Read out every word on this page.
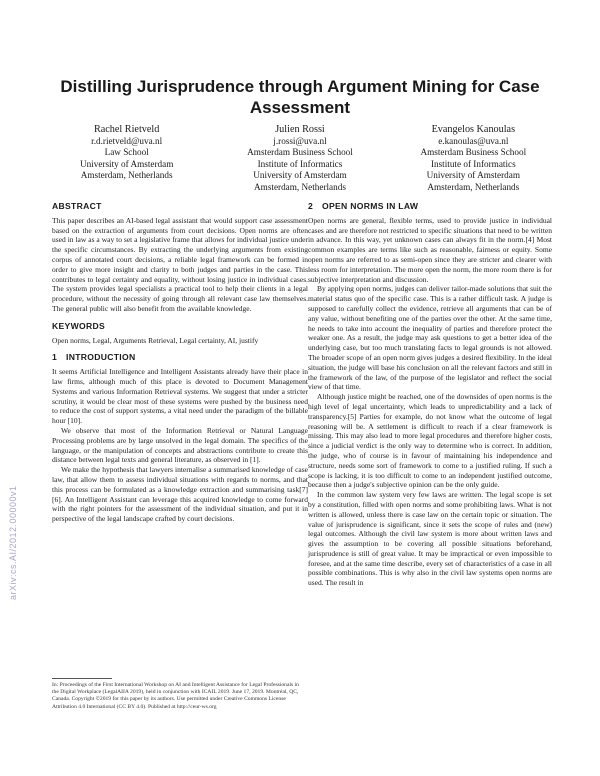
arXiv:cs.AI/2012.00000v1
Distilling Jurisprudence through Argument Mining for Case Assessment
Rachel Rietveld
r.d.rietveld@uva.nl
Law School
University of Amsterdam
Amsterdam, Netherlands
Julien Rossi
j.rossi@uva.nl
Amsterdam Business School
Institute of Informatics
University of Amsterdam
Amsterdam, Netherlands
Evangelos Kanoulas
e.kanoulas@uva.nl
Amsterdam Business School
Institute of Informatics
University of Amsterdam
Amsterdam, Netherlands
ABSTRACT

This paper describes an AI-based legal assistant that would support case assessment based on the extraction of arguments from court decisions. Open norms are often used in law as a way to set a legislative frame that allows for individual justice under the specific circumstances. By extracting the underlying arguments from existing corpus of annotated court decisions, a reliable legal framework can be formed in order to give more insight and clarity to both judges and parties in the case. This contributes to legal certainty and equality, without losing justice in individual cases. The system provides legal specialists a practical tool to help their clients in a legal procedure, without the necessity of going through all relevant case law themselves. The general public will also benefit from the available knowledge.

KEYWORDS

Open norms, Legal, Arguments Retrieval, Legal certainty, AI, justify

1 INTRODUCTION

It seems Artificial Intelligence and Intelligent Assistants already have their place in law firms, although much of this place is devoted to Document Management Systems and various Information Retrieval systems. We suggest that under a stricter scrutiny, it would be clear most of these systems were pushed by the business need to reduce the cost of support systems, a vital need under the paradigm of the billable hour [10].

We observe that most of the Information Retrieval or Natural Language Processing problems are by large unsolved in the legal domain. The specifics of the language, or the manipulation of concepts and abstractions contribute to create this distance between legal texts and general literature, as observed in [1].

We make the hypothesis that lawyers internalise a summarised knowledge of case law, that allow them to assess individual situations with regards to norms, and that this process can be formulated as a knowledge extraction and summarising task[7] [6]. An Intelligent Assistant can leverage this acquired knowledge to come forward with the right pointers for the assessment of the individual situation, and put it in perspective of the legal landscape crafted by court decisions.

2 OPEN NORMS IN LAW

Open norms are general, flexible terms, used to provide justice in individual cases and are therefore not restricted to specific situations that need to be written in advance. In this way, yet unknown cases can always fit in the norm.[4] Most common examples are terms like such as reasonable, fairness or equity. Some open norms are referred to as semi-open since they are stricter and clearer with less room for interpretation. The more open the norm, the more room there is for subjective interpretation and discussion.

By applying open norms, judges can deliver tailor-made solutions that suit the material status quo of the specific case. This is a rather difficult task. A judge is supposed to carefully collect the evidence, retrieve all arguments that can be of any value, without benefiting one of the parties over the other. At the same time, he needs to take into account the inequality of parties and therefore protect the weaker one. As a result, the judge may ask questions to get a better idea of the underlying case, but too much translating facts to legal grounds is not allowed. The broader scope of an open norm gives judges a desired flexibility. In the ideal situation, the judge will base his conclusion on all the relevant factors and still in the framework of the law, of the purpose of the legislator and reflect the social view of that time.

Although justice might be reached, one of the downsides of open norms is the high level of legal uncertainty, which leads to unpredictability and a lack of transparency.[5] Parties for example, do not know what the outcome of legal reasoning will be. A settlement is difficult to reach if a clear framework is missing. This may also lead to more legal procedures and therefore higher costs, since a judicial verdict is the only way to determine who is correct. In addition, the judge, who of course is in favour of maintaining his independence and structure, needs some sort of framework to come to a justified ruling. If such a scope is lacking, it is too difficult to come to an independent justified outcome, because then a judge's subjective opinion can be the only guide.

In the common law system very few laws are written. The legal scope is set by a constitution, filled with open norms and some prohibiting laws. What is not written is allowed, unless there is case law on the certain topic or situation. The value of jurisprudence is significant, since it sets the scope of rules and (new) legal outcomes. Although the civil law system is more about written laws and gives the assumption to be covering all possible situations beforehand, jurisprudence is still of great value. It may be impractical or even impossible to foresee, and at the same time describe, every set of characteristics of a case in all possible combinations. This is why also in the civil law systems open norms are used. The result in

In: Proceedings of the First International Workshop on AI and Intelligent Assistance for Legal Professionals in the Digital Workplace (LegalAIIA 2019), held in conjunction with ICAIL 2019. June 17, 2019. Montréal, QC, Canada. Copyright ©2019 for this paper by its authors. Use permitted under Creative Commons License Attribution 4.0 International (CC BY 4.0). Published at http://ceur-ws.org
